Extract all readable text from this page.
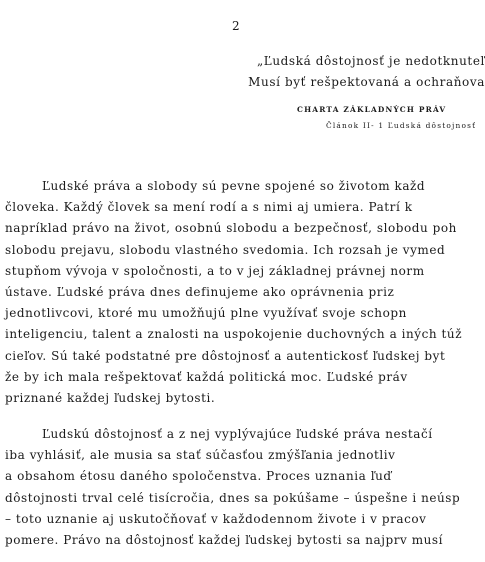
2
„Ľudská dôstojnosť je nedotknuteľ
Musí byť rešpektovaná a ochraňova
CHARTA ZÁKLADNÝCH PRÁV
Článok II- 1 Ľudská dôstojnosť
Ľudské práva a slobody sú pevne spojené so životom každ
človeka. Každý človek sa mení rodí a s nimi aj umiera. Patrí k
napríklad právo na život, osobnú slobodu a bezpečnosť, slobodu poh
slobodu prejavu, slobodu vlastného svedomia. Ich rozsah je vymed
stupňom vývoja v spoločnosti, a to v jej základnej právnej norm
ústave. Ľudské práva dnes definujeme ako oprávnenia priz
jednotlivcovi, ktoré mu umožňujú plne využívať svoje schopn
inteligenciu, talent a znalosti na uspokojenie duchovných a iných túž
cieľov. Sú také podstatné pre dôstojnosť a autentickosť ľudskej byt
že by ich mala rešpektovať každá politická moc. Ľudské práv
priznané každej ľudskej bytosti.
Ľudskú dôstojnosť a z nej vyplývajúce ľudské práva nestačí
iba vyhlásiť, ale musia sa stať súčasťou zmýšľania jednotliv
a obsahom étosu daného spoločenstva. Proces uznania ľuď
dôstojnosti trval celé tisícročia, dnes sa pokúšame – úspešne i neúsp
– toto uznanie aj uskutočňovať v každodennom živote i v pracov
pomere. Právo na dôstojnosť každej ľudskej bytosti sa najprv musí
